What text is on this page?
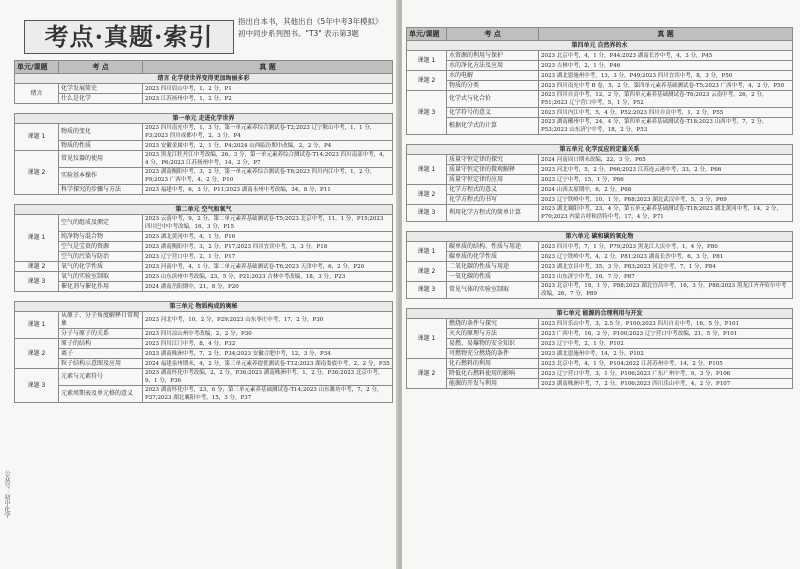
考点·真题·索引
指出自本书，其他出自《5年中考3年模拟》初中同步系列图书。"T3" 表示第3题
公众号：初中化学
单元/课题	考 点	真 题
绪言 化学使世界变得更加绚丽多彩		
绪言	化学发展简史	2023 四川眉山中考，1，2 分，P1
	什么是化学	2023 江苏扬州中考，1，2 分，P2

第一单元 走进化学世界		
课题 1	物质的变化	2023 四川南充中考，1，3 分，第一单元素养综合测试卷-T2;2023 辽宁鞍山中考，1，1 分，P3;2023 四川成都中考，2，3 分，P4
	物质的性质	2023 安徽金属中考，2，1 分，P4;2024 山西临汾期中改编，2，2 分，P4
课题 2	常见仪器的使用	2023 黑龙江牡丹江中考改编，26，3 分，第一单元素养综合测试卷-T14;2023 四川南部中考，4，4 分，P6;2023 江苏扬州中考，14，2 分，P7
	实验基本操作	2023 湖南衡阳中考，3，2 分，第一单元素养综合测试卷-T6;2023 四川内江中考，1，2 分，P9;2023 广西中考，4，2 分，P10
	科学探究的步骤与方法	2023 福建中考，6，3 分，P11;2023 湖南永州中考改编，34，8 分，P11

第二单元 空气和氧气		
课题 1	空气的组成及测定	2023 云南中考，9，2 分，第二单元素养基础测试卷-T5;2023 北京中考，11，1 分，P15;2023 四川巴中中考改编，16，3 分，P15
	纯净物与混合物	2023 湖北黄冈中考，4，1 分，P16
	空气是宝贵的资源	2023 湖南衡阳中考，3，2 分，P17;2023 四川宜宾中考，3，3 分，P18
	空气的污染与防治	2023 辽宁营口中考，2，1 分，P17
课题 2	氧气的化学性质	2023 河南中考，4，1 分，第二单元素养基础测试卷-T6;2023 天津中考，6，2 分，P20
课题 3	氧气的实验室制取	2023 山东滨州中考改编，23，5 分，P21;2023 吉林中考改编，18，3 分，P23
	催化剂与催化作用	2024 湖南岳阳期中，21，8 分，P20

第三单元 物质构成的奥秘		
课题 1	从原子、分子角度解释日常现象	2023 河北中考，10，2 分，P29;2023 山东枣庄中考，17，2 分，P30
	分子与原子的关系	2023 四川凉山州中考改编，2，2 分，P30
课题 2	原子的结构	2023 四川江门中考，8，4 分，P32
	离子	2023 湖南株洲中考，7，2 分，P34;2023 安徽合肥中考，12，3 分，P34
	粒子结构示意图及应用	2024 福建泉州期末，4，2 分，第三单元素养提优测试卷-T12;2023 湖南娄底中考，2，2 分，P35
课题 3	元素与元素符号	2023 湖南怀化中考改编，2，2 分，P36;2023 湖南株洲中考，1，2 分，P36;2023 北京中考，9，1 分，P36
	元素周期表及单元格的意义	2023 湖南怀化中考，23，6 分，第三单元素养基础测试卷-T14;2023 山东潍坊中考，7，2 分，P37;2023 湖北襄阳中考，15，3 分，P37
单元/课题	考 点	真 题
第四单元 自然界的水		
课题 1	水资源的利用与保护	2023 北京中考，4，1 分，P44;2023 湖南长沙中考，4，3 分，P45
	水的净化方法及应用	2023 吉林中考，2，1 分，P46
课题 2	水的电解	2023 湖北恩施州中考，13，3 分，P49;2023 四川宜宾中考，8，3 分，P50
	物质的分类	2023 四川南充中考 B 卷，5，2 分，第四单元素养基础测试卷-T5;2023 广西中考，4，2 分，P50
课题 3	化学式与化合价	2023 四川自贡中考，12，2 分，第四单元素养基础测试卷-T6;2023 云南中考，26，2 分，P51;2023 辽宁营口中考，5，1 分，P52
	化学符号的意义	2023 四川内江中考，5，4 分，P52;2023 四川自贡中考，1，2 分，P55
	根据化学式的计算	2023 湖南郴州中考，24，4 分，第四单元素养基础测试卷-T18;2023 山西中考，7，2 分，P53;2023 山东济宁中考，18，2 分，P53

第五单元 化学反应的定量关系		
课题 1	质量守恒定律的探究	2024 河南周口期末改编，22，3 分，P65
	质量守恒定律的微观解释	2023 河北中考，5，2 分，P66;2023 江苏连云港中考，33，2 分，P66
	质量守恒定律的应用	2023 辽宁中考，15，1 分，P66
课题 2	化学方程式的意义	2024 山西太原期中，6，2 分，P68
	化学方程式的书写	2023 辽宁铁岭中考，10，1 分，P68;2023 湖北武汉中考，5，3 分，P69
课题 3	利用化学方程式的简单计算	2023 湖北襄阳中考，23，4 分，第五单元素养基础测试卷-T18;2023 湖北黄冈中考，14，2 分，P70;2023 内蒙古呼和浩特中考，17，4 分，P71

第六单元 碳和碳的氧化物		
课题 1	碳单质的结构、性质与用途	2023 四川中考，7，1 分，P79;2023 黑龙江大庆中考，1，4 分，P80
	碳单质的化学性质	2023 辽宁铁岭中考，4，2 分，P81;2023 湖南长沙中考，6，3 分，P81
课题 2	二氧化碳的性质与用途	2023 湖北宜昌中考，35，3 分，P83;2023 河北中考，7，1 分，P84
	一氧化碳的性质	2023 山东济宁中考，16，7 分，P87
课题 3	常见气体的实验室制取	2023 北京中考，18，1 分，P88;2023 湖北宜昌中考，16，3 分，P88;2023 黑龙江齐齐哈尔中考改编，26，7 分，P89

第七单元 能源的合理利用与开发		
课题 1	燃烧的条件与探究	2023 四川乐山中考，3，2.5 分，P100;2023 四川自贡中考，16，5 分，P101
	灭火的原理与方法	2023 广西中考，16，2 分，P100;2023 辽宁营口中考改编，21，5 分，P101
	易燃、易爆物的安全知识	2023 辽宁中考，2，1 分，P102
	可燃物充分燃烧的条件	2023 湖北恩施州中考，14，2 分，P102
课题 2	化石燃料的利用	2023 北京中考，4，1 分，P104;2022 江苏苏州中考，14，2 分，P105
	降低化石燃料使用的影响	2023 辽宁营口中考，3，1 分，P106;2023 广东广州中考，9，3 分，P106
	能源的开发与利用	2023 湖南株洲中考，7，2 分，P106;2023 四川乐山中考，4，2 分，P107
